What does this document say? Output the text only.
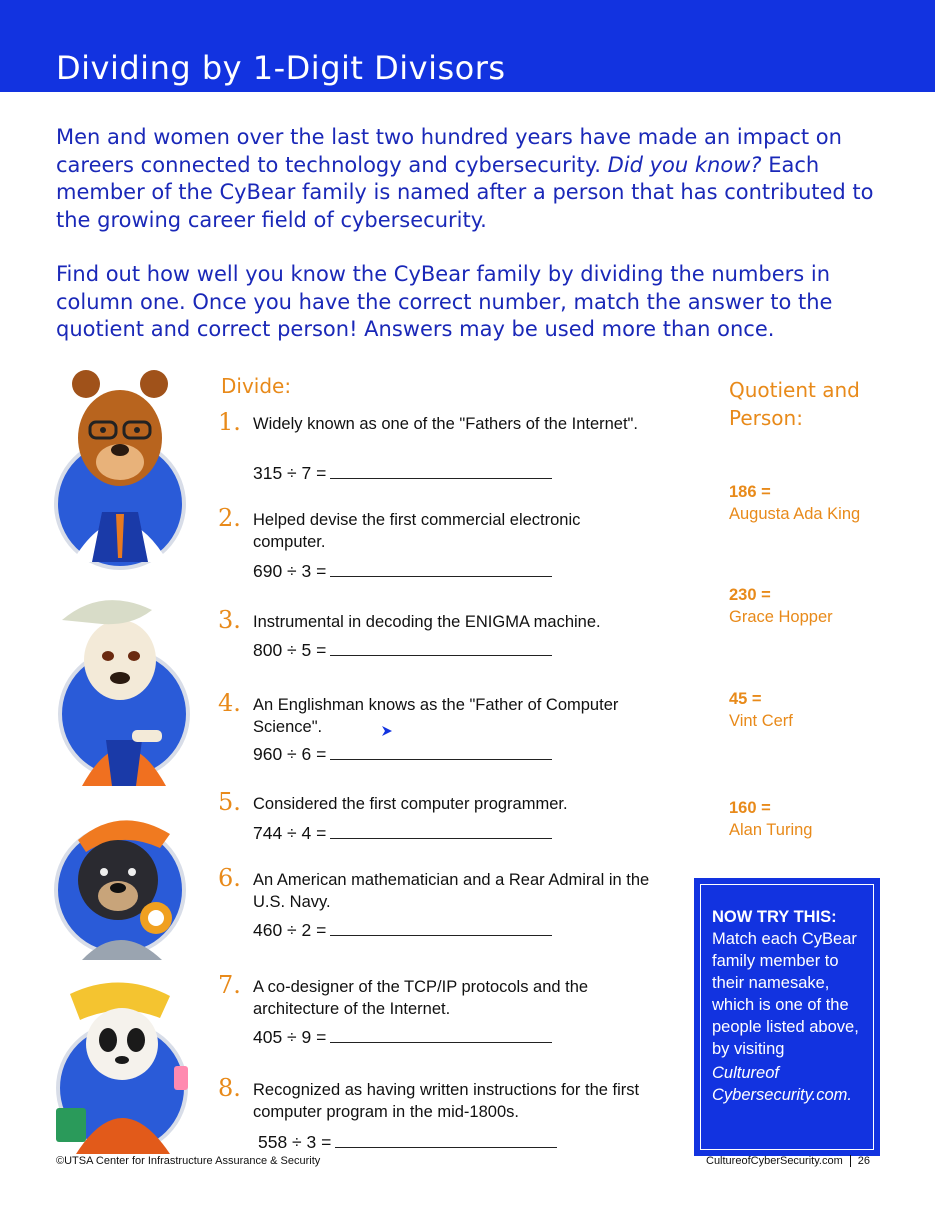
Dividing by 1-Digit Divisors

Men and women over the last two hundred years have made an impact on careers connected to technology and cybersecurity. Did you know? Each member of the CyBear family is named after a person that has contributed to the growing career field of cybersecurity.

Find out how well you know the CyBear family by dividing the numbers in column one. Once you have the correct number, match the answer to the quotient and correct person! Answers may be used more than once.

Divide:
1. Widely known as one of the "Fathers of the Internet".
315 ÷ 7 =
2. Helped devise the first commercial electronic computer.
690 ÷ 3 =
3. Instrumental in decoding the ENIGMA machine.
800 ÷ 5 =
4. An Englishman knows as the "Father of Computer Science".
960 ÷ 6 =
5. Considered the first computer programmer.
744 ÷ 4 =
6. An American mathematician and a Rear Admiral in the U.S. Navy.
460 ÷ 2 =
7. A co-designer of the TCP/IP protocols and the architecture of the Internet.
405 ÷ 9 =
8. Recognized as having written instructions for the first computer program in the mid-1800s.
558 ÷ 3 =
Quotient and Person:
186 =
Augusta Ada King
230 =
Grace Hopper
45 =
Vint Cerf
160 =
Alan Turing
NOW TRY THIS: Match each CyBear family member to their namesake, which is one of the people listed above, by visiting
Cultureof Cybersecurity.com.
©UTSA Center for Infrastructure Assurance & Security	CultureofCyberSecurity.com 26
